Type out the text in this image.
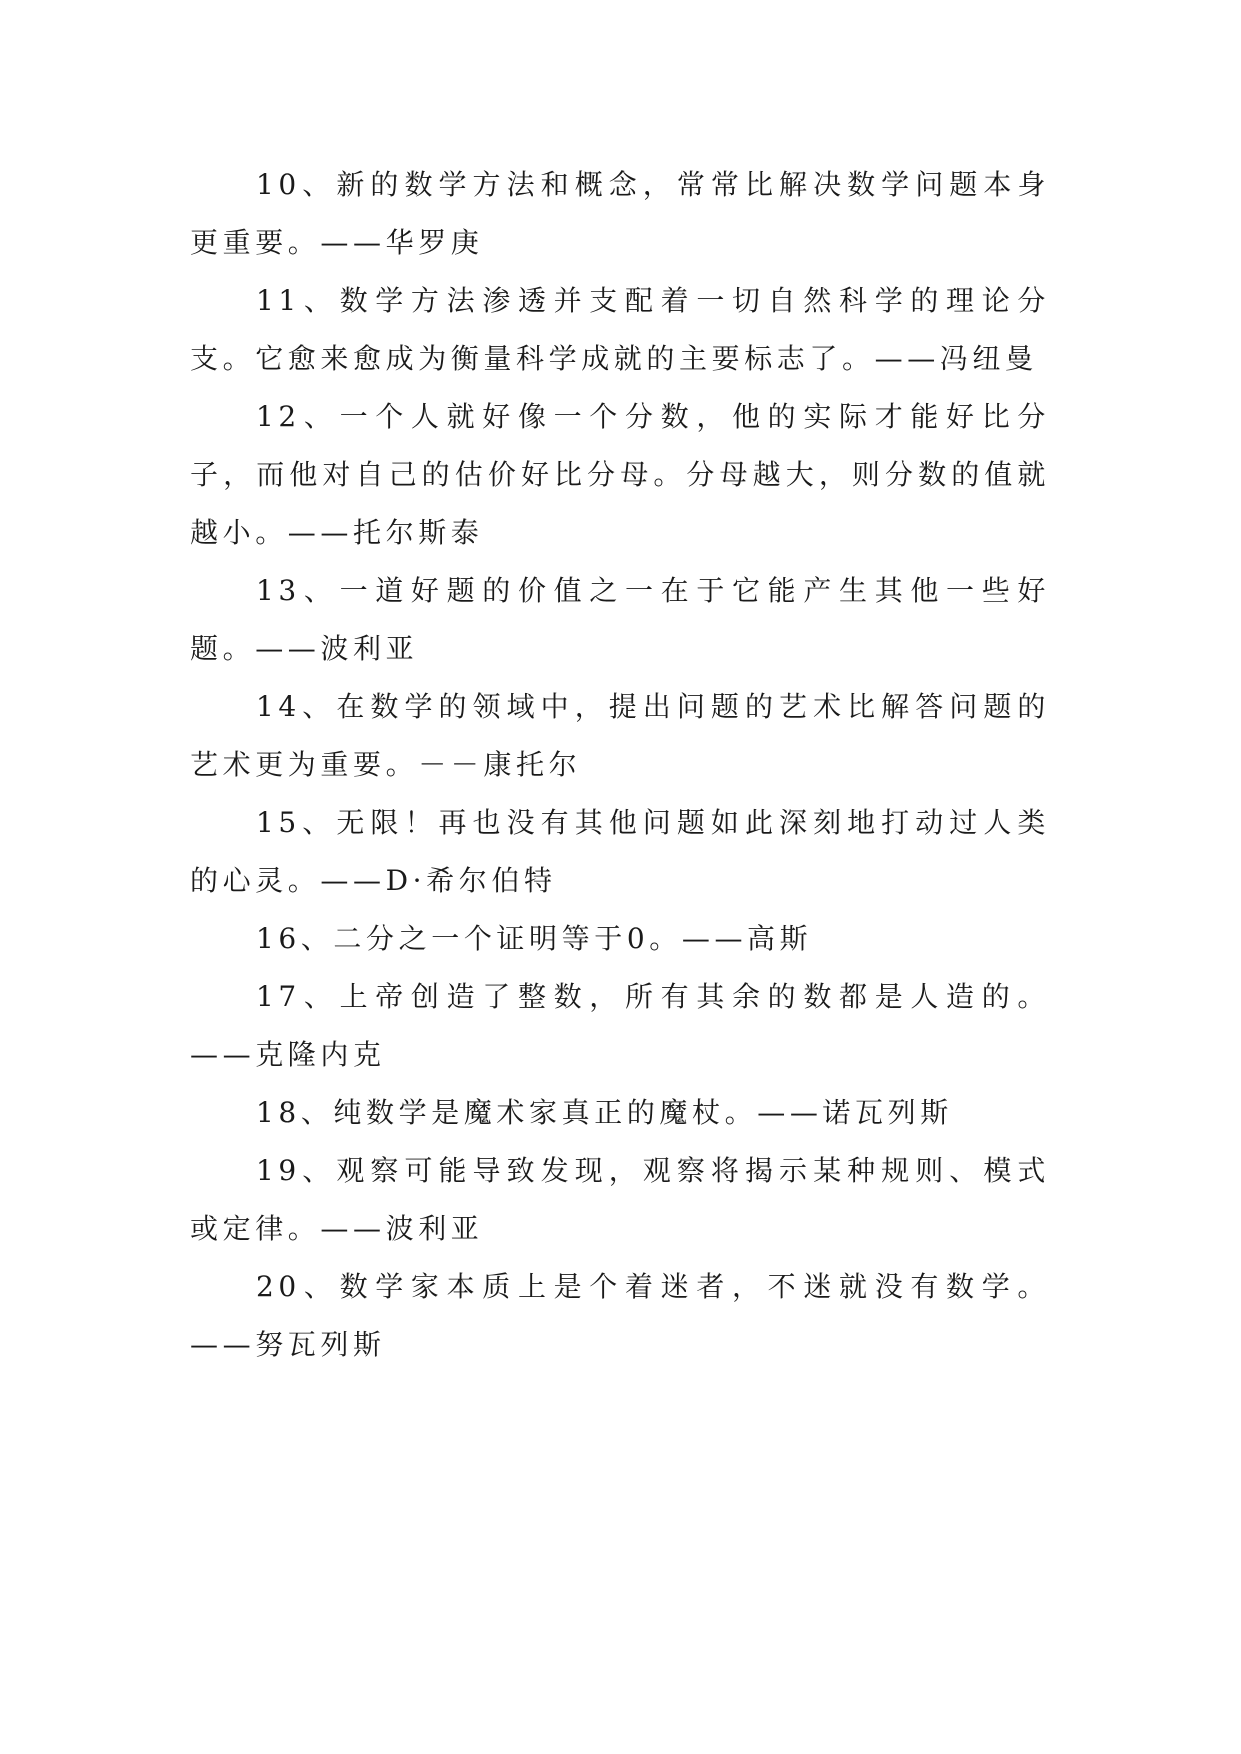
10、新的数学方法和概念，常常比解决数学问题本身更重要。——华罗庚

11、数学方法渗透并支配着一切自然科学的理论分支。它愈来愈成为衡量科学成就的主要标志了。——冯纽曼

12、一个人就好像一个分数，他的实际才能好比分子，而他对自己的估价好比分母。分母越大，则分数的值就越小。——托尔斯泰

13、一道好题的价值之一在于它能产生其他一些好题。——波利亚

14、在数学的领域中，提出问题的艺术比解答问题的艺术更为重要。－－康托尔

15、无限！再也没有其他问题如此深刻地打动过人类的心灵。——D·希尔伯特

16、二分之一个证明等于0。——高斯

17、上帝创造了整数，所有其余的数都是人造的。——克隆内克

18、纯数学是魔术家真正的魔杖。——诺瓦列斯

19、观察可能导致发现，观察将揭示某种规则、模式或定律。——波利亚

20、数学家本质上是个着迷者，不迷就没有数学。——努瓦列斯
